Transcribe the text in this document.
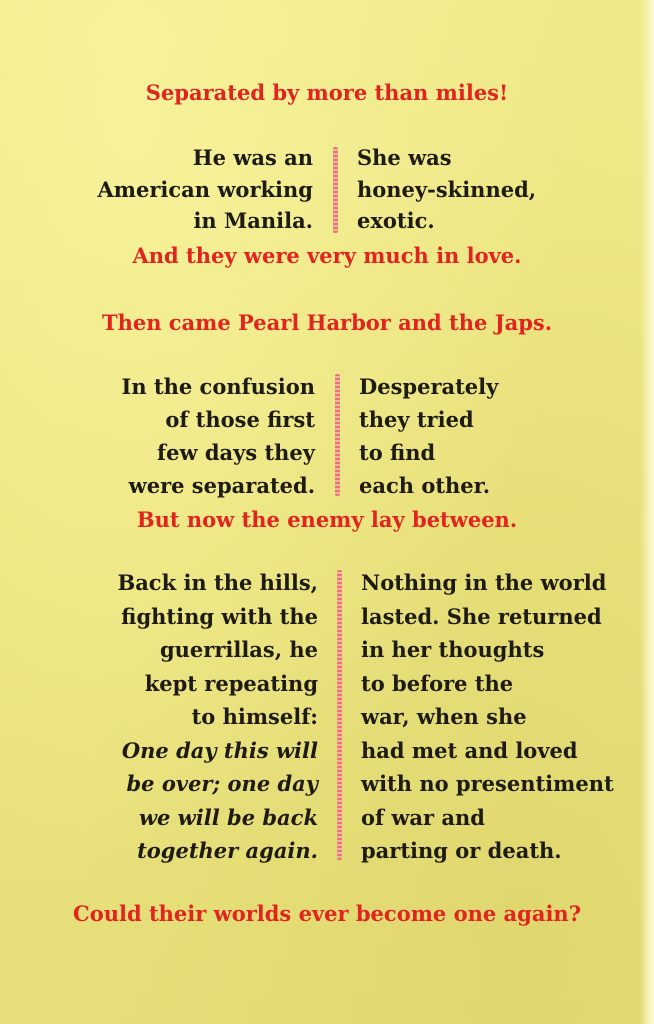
Separated by more than miles!
He was an
American working
in Manila.
She was
honey-skinned,
exotic.
And they were very much in love.
Then came Pearl Harbor and the Japs.
In the confusion
of those first
few days they
were separated.
Desperately
they tried
to find
each other.
But now the enemy lay between.
Back in the hills,
fighting with the
guerrillas, he
kept repeating
to himself:
One day this will
be over; one day
we will be back
together again.
Nothing in the world
lasted. She returned
in her thoughts
to before the
war, when she
had met and loved
with no presentiment
of war and
parting or death.
Could their worlds ever become one again?
